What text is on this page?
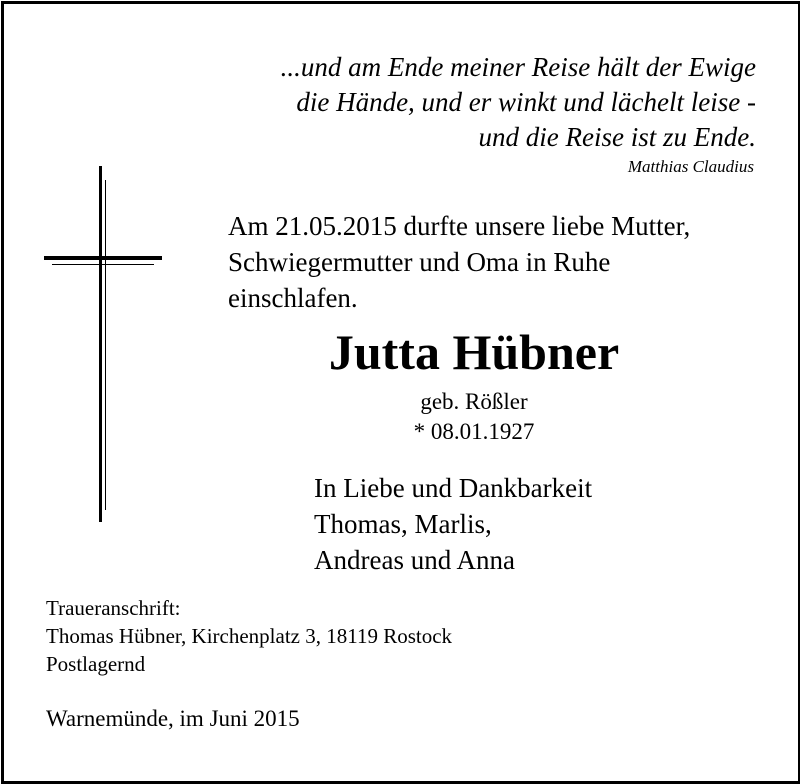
...und am Ende meiner Reise hält der Ewige
die Hände, und er winkt und lächelt leise -
und die Reise ist zu Ende.
Matthias Claudius
Am 21.05.2015 durfte unsere liebe Mutter,
Schwiegermutter und Oma in Ruhe
einschlafen.
Jutta Hübner
geb. Rößler
* 08.01.1927
In Liebe und Dankbarkeit
Thomas, Marlis,
Andreas und Anna
Traueranschrift:
Thomas Hübner, Kirchenplatz 3, 18119 Rostock
Postlagernd
Warnemünde, im Juni 2015
